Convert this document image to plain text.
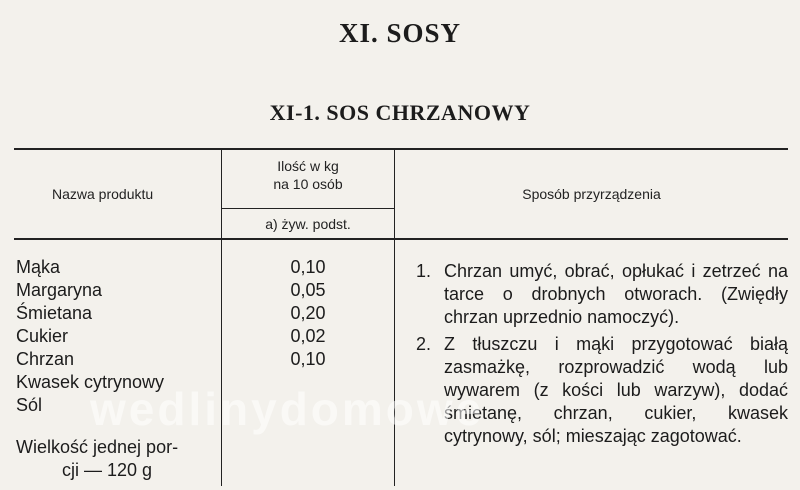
XI. SOSY
XI-1. SOS CHRZANOWY
Nazwa produktu
Ilość w kg
na 10 osób
a) żyw. podst.
Sposób przyrządzenia
Mąka
Margaryna
Śmietana
Cukier
Chrzan
Kwasek cytrynowy
Sól
0,10
0,05
0,20
0,02
0,10
Wielkość jednej por-
cji — 120 g
1. Chrzan umyć, obrać, opłukać i zetrzeć na tarce o drobnych otworach. (Zwiędły chrzan uprzednio namoczyć).
2. Z tłuszczu i mąki przygotować białą zasmażkę, rozprowadzić wodą lub wywarem (z kości lub warzyw), dodać śmietanę, chrzan, cukier, kwasek cytrynowy, sól; mieszając zagotować.
wedlinydomowe
